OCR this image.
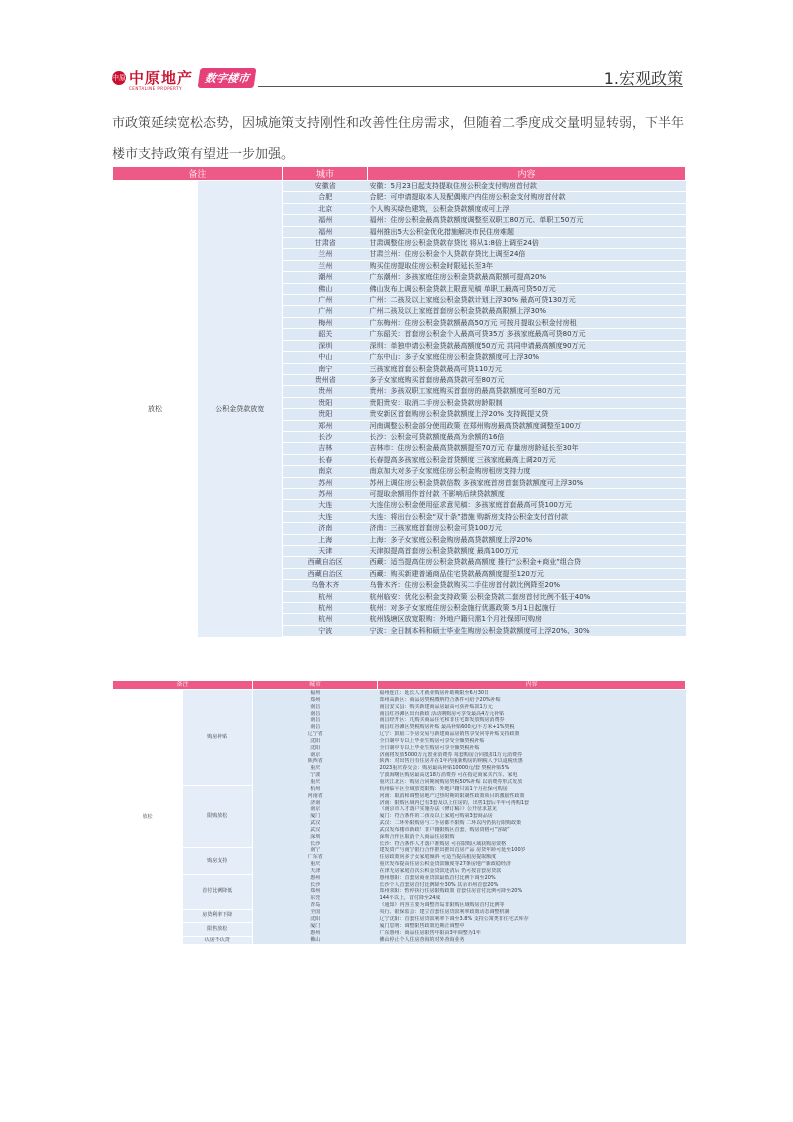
中原 中原地产
CENTALINE PROPERTY
数字楼市	1.宏观政策
市政策延续宽松态势，因城施策支持刚性和改善性住房需求，但随着二季度成交量明显转弱，下半年楼市支持政策有望进一步加强。
备注		城市	内容
放松	公积金贷款放宽	安徽省	安徽：5月23日起支持提取住房公积金支付购房首付款
		合肥	合肥：可申请提取本人及配偶账户内住房公积金支付购房首付款
		北京	个人购买绿色建筑，公积金贷款额度或可上浮
		福州	福州：住房公积金最高贷款额度调整至双职工80万元、单职工50万元
		福州	福州推出5大公积金优化措施解决市民住房难题
		甘肃省	甘肃调整住房公积金贷款存贷比 将从1:8倍上调至24倍
		兰州	甘肃兰州：住房公积金个人贷款存贷比上调至24倍
		兰州	购买住房提取住房公积金时限延长至3年
		潮州	广东潮州：多孩家庭住房公积金贷款最高限额可提高20%
		佛山	佛山发布上调公积金贷款上限意见稿 单职工最高可贷50万元
		广州	广州：二孩及以上家庭公积金贷款计划上浮30% 最高可贷130万元
		广州	广州二孩及以上家庭首套房公积金贷款最高限额上浮30%
		梅州	广东梅州：住房公积金贷款额最高50万元 可按月提取公积金付房租
		韶关	广东韶关：首套房公积金个人最高可贷35万 多孩家庭最高可贷80万元
		深圳	深圳：单独申请公积金贷款最高额度50万元 共同申请最高额度90万元
		中山	广东中山：多子女家庭住房公积金贷款额度可上浮30%
		南宁	三孩家庭首套公积金贷款最高可贷110万元
		贵州省	多子女家庭购买首套房最高贷款可至80万元
		贵州	贵州：多孩双职工家庭购买首套房的最高贷款额度可至80万元
		贵阳	贵阳贵安：取消二手房公积金贷款房龄限制
		贵阳	贵安新区首套购房公积金贷款额度上浮20% 支持既提又贷
		郑州	河南调整公积金部分使用政策 在郑州购房最高贷款额度调整至100万
		长沙	长沙：公积金可贷款额度最高为余额的16倍
		吉林	吉林市：住房公积金最高贷款额提至70万元 存量房房龄延长至30年
		长春	长春提高多孩家庭公积金首贷额度 三孩家庭最高上调20万元
		南京	南京加大对多子女家庭住房公积金购房租房支持力度
		苏州	苏州上调住房公积金贷款倍数 多孩家庭首房首套贷款额度可上浮30%
		苏州	可提取余额用作首付款 不影响后续贷款额度
		大连	大连住房公积金使用征求意见稿：多孩家庭首套最高可贷100万元
		大连	大连：将出台公积金“双十条”措施 购新房支持公积金支付首付款
		济南	济南：三孩家庭首套房公积金可贷100万元
		上海	上海：多子女家庭公积金购房最高贷款额度上浮20%
		天津	天津拟提高首套房公积金贷款额度 最高100万元
		西藏自治区	西藏：适当提高住房公积金贷款最高额度 推行“公积金+商业”组合贷
		西藏自治区	西藏：购买新建普通商品住宅贷款最高额度提至120万元
		乌鲁木齐	乌鲁木齐：住房公积金贷款购买二手住房首付款比例降至20%
		杭州	杭州临安：优化公积金支持政策 公积金贷款二套房首付比例不低于40%
		杭州	杭州：对多子女家庭住房公积金施行优惠政策 5月1日起施行
		杭州	杭州钱塘区放宽限购：外地户籍只需1个月社保即可购房
		宁波	宁波：全日制本科和硕士毕业生购房公积金贷款额度可上浮20%、30%
备注		城市	内容
放松	购房补贴	福州	福州连江：延长人才就业购房补助期限至6月30日
		郑州	郑州高新区：商品房契税缴纳符合条件可给予20%补贴
		南昌	南昌安义县：购买新建商品房最高可获补贴款1万元
		南昌	南昌红谷滩区出台新政 活动期购房可享受最高4万元补贴
		南昌	南昌经开区：凡购买商品住宅和非住宅即发放购房消费券
		南昌	南昌红谷滩区契税购房补贴 最高补贴600元/平方米+1%契税
		辽宁省	辽宁：鼓励二手房交易与新建商品房销售享受同等补贴支持政策
		沈阳	全日制中专以上毕业生购房可享受全额契税补贴
		沈阳	全日制中专以上毕业生购房可享全额契税补贴
		南京	济南将发放5000万元置业消费券 每套购房合同抵扣1万元消费券
		陕西省	陕西：对出售自有住房并在1年内重新购房的纳税人予以退税优惠
		重庆	2023重庆春交会：购房最高补贴10000元/套 契税补贴5%
		宁波	宁波海曙区购房最高送18万消费券 可在指定商家买汽车、家电
		重庆	重庆江北区：购房合同期间购房契税50%补贴 以消费券形式发放
	限购放松	杭州	杭州临平区全域放宽限购：外地户籍只需1个月社保可购房
		河南省	河南：取消和调整房地产过热时期的限制性政策项目的激励性政策
		济南	济南：限购区域内已有3套及以上住房的，出售1套后半年可再购1套
		南京	《南京市人才落户实施办法（修订稿）》公开征求意见
		厦门	厦门：符合条件的二孩及以上家庭可购第3套商品房
		武汉	武汉：二环外限购房与二手房都不限购 二环以内仍执行限购政策
		武汉	武汉发布楼市新政！非户籍限购区首套，购房资格可“容缺”
		深圳	深圳合作区取消个人商品住房限购
		长沙	长沙：符合条件人才落户准购房 可在限购区域获购房资格
	购房支持	南宁	建发资产与南宁银行合作推出推出首房产品 房贷年龄可延至100岁
		广东省	住房政策向多子女家庭倾斜 可适当提高租房提取额度
		重庆	重庆发布提高住房公积金贷款额度等27条房地产新政稳经济
		天津	在津无房家庭首次公积金贷款还清后 仍可按首套房贷款
	首付比例降低	惠州	惠州惠阳：首套房商业贷款最低首付比例下调至20%
		长沙	长沙个人首套房首付比例降至30% 其余市州首套20%
		郑州	郑州荥阳：暂停执行住房限购政策 首套住房首付比例可降至20%
		东莞	144平以上，首付降至24成
		青岛	《通知》内容主要为调整青岛非限购区域购房首付比例等
	房贷利率下降	全国	央行、银保监会：建立首套住房贷款利率政策动态调整机制
		沈阳	辽宁沈阳：首套住房贷款利率下调至3.8% 支持公寓类非住宅去库存
	限售放松	厦门	厦门思明：调整限售政策近期正调整中
		惠州	广东惠州：商品住房限售年限由3年调整为1年
	认房不认贷	佛山	佛山停止个人住房查询的对外查询业务
